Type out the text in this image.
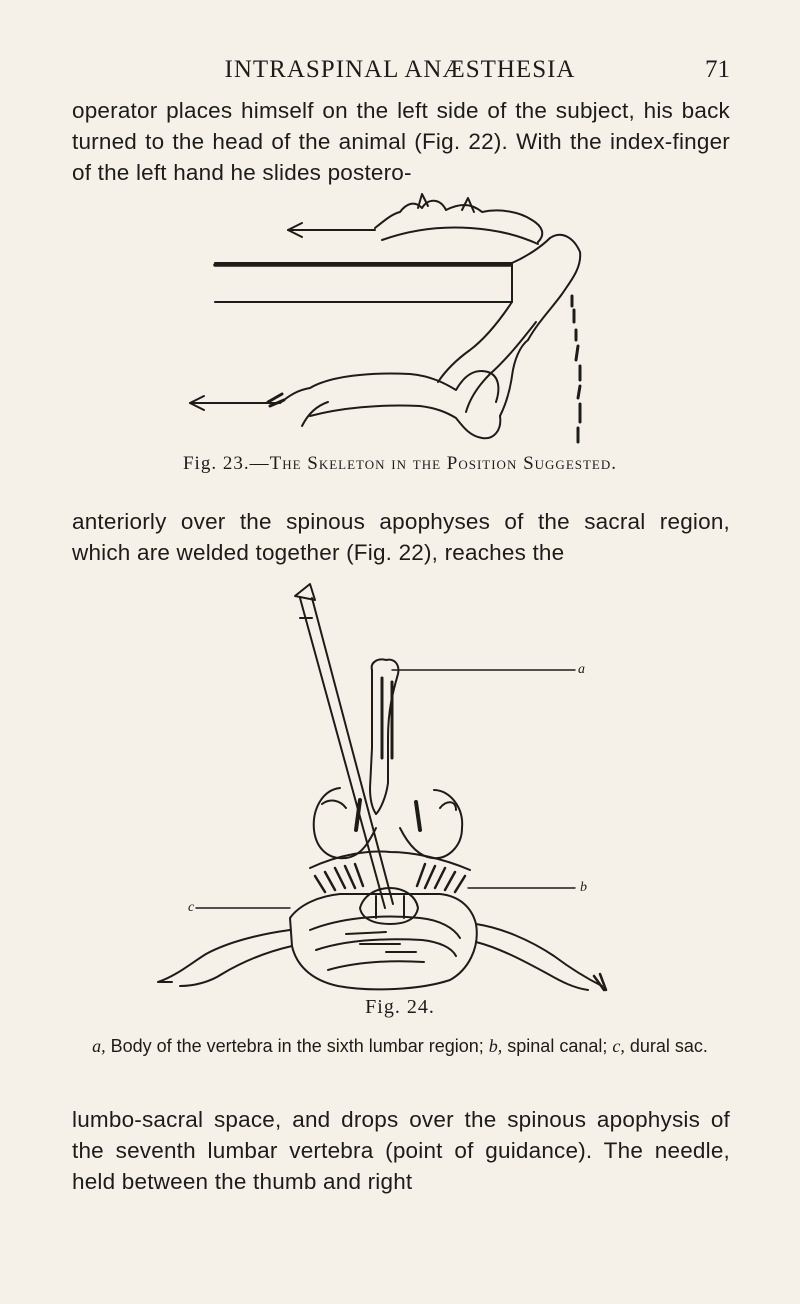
INTRASPINAL ANÆSTHESIA	71

operator places himself on the left side of the subject, his back turned to the head of the animal (Fig. 22). With the index-finger of the left hand he slides postero-

Fig. 23.—The Skeleton in the Position Suggested.

anteriorly over the spinous apophyses of the sacral region, which are welded together (Fig. 22), reaches the

a
b
c
Fig. 24.
a, Body of the vertebra in the sixth lumbar region; b, spinal canal; c, dural sac.

lumbo-sacral space, and drops over the spinous apophysis of the seventh lumbar vertebra (point of guidance). The needle, held between the thumb and right
